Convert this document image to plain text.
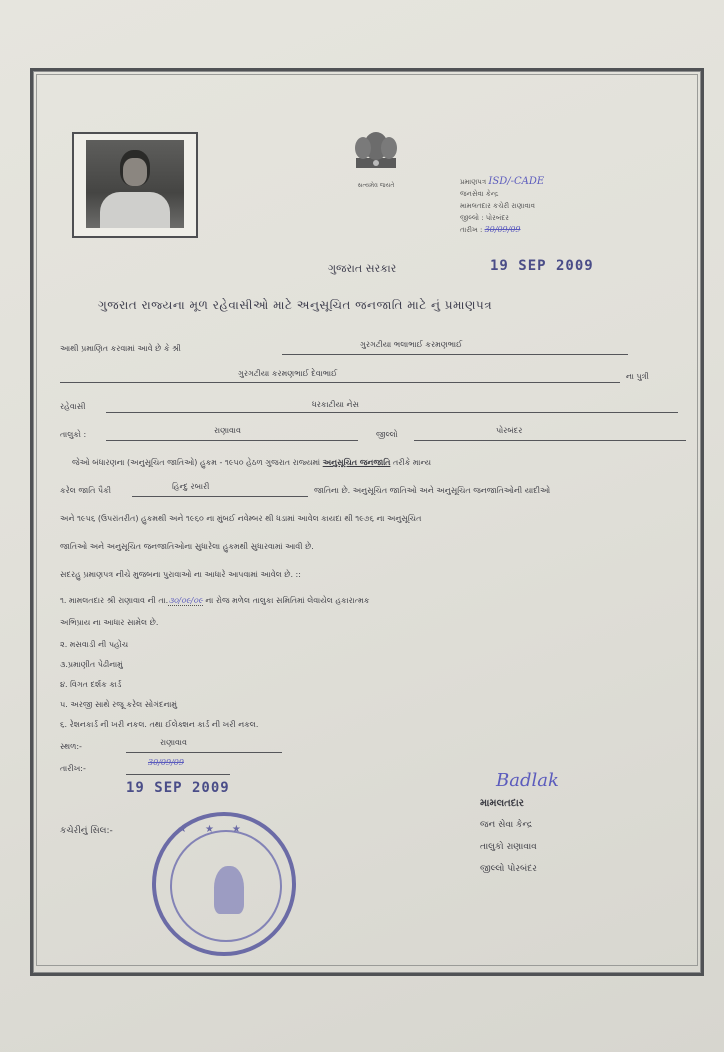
સત્યમેવ જયતે	પ્રમાણપત્ર ISD/-CADE
જનસેવા કેન્દ્ર
મામલતદાર કચેરી રાણાવાવ
જીલ્લો : પોરબંદર
તારીખ : 30/09/09
ગુજરાત સરકાર	19 SEP 2009
ગુજરાત રાજ્યના મૂળ રહેવાસીઓ માટે અનુસૂચિત જનજાતિ માટે નું પ્રમાણપત્ર
આથી પ્રમાણિત કરવામાં આવે છે કે શ્રી	ગુરગટીયા ભલાભાઈ કરમણભાઈ
ગુરગટીયા કરમણભાઈ દેવાભાઈ	ના પુત્રી
રહેવાસી	ધરકાટીયા નેસ
તાલુકો :	રાણાવાવ	જીલ્લો	પોરબંદર
જેઓ બંધારણના (અનુસૂચિત જાતિઓ) હુકમ - ૧૯૫૦ હેઠળ ગુજરાત રાજ્યમાં અનુસૂચિત જનજાતિ તરીકે માન્ય
કરેલ જાતિ પૈકી	હિન્દુ રબારી	જાતિના છે. અનુસૂચિત જાતિઓ અને અનુસૂચિત જનજાતિઓની યાદીઓ
અને ૧૯૫૬ (ઉપરાંતરીત) હુકમથી અને ૧૯૬૦ ના મુંબઈ નવેમ્બર થી ધડામાં આવેલ કાયદા થી ૧૯૭૬ ના અનુસૂચિત
જાતિઓ અને અનુસૂચિત જનજાતિઓના સુધારેલા હુકમથી સુધારવામાં આવી છે.
સદરહુ પ્રમાણપત્ર નીચે મુજબના પુરાવાઓ ના આધારે આપવામાં આવેલ છે. ::
૧. મામલતદાર શ્રી રાણાવાવ ની તા.૩૦/૦૯/૦૯ ના રોજ મળેલ તાલુકા સમિતિમાં લેવાયેલ હકારાત્મક
અભિપ્રાય ના આધાર સામેલ છે.
૨. મસવાડી ની પહોંચ
૩.પ્રમાણીત પેઢીનામું
૪. વિગત દર્શક કાર્ડ
૫. અરજી સાથે રજૂ કરેલ સોગંદનામું
૬. રેશનકાર્ડ ની ખરી નકલ. તથા ઈલેક્શન કાર્ડ ની ખરી નકલ.
સ્થળ:-	રાણાવાવ
તારીખ:-
30/09/09
19 SEP 2009
કચેરીનું સિલ:-	★★★
Badlak
મામલતદાર
જન સેવા કેન્દ્ર
તાલુકો રાણાવાવ
જીલ્લો પોરબંદર
